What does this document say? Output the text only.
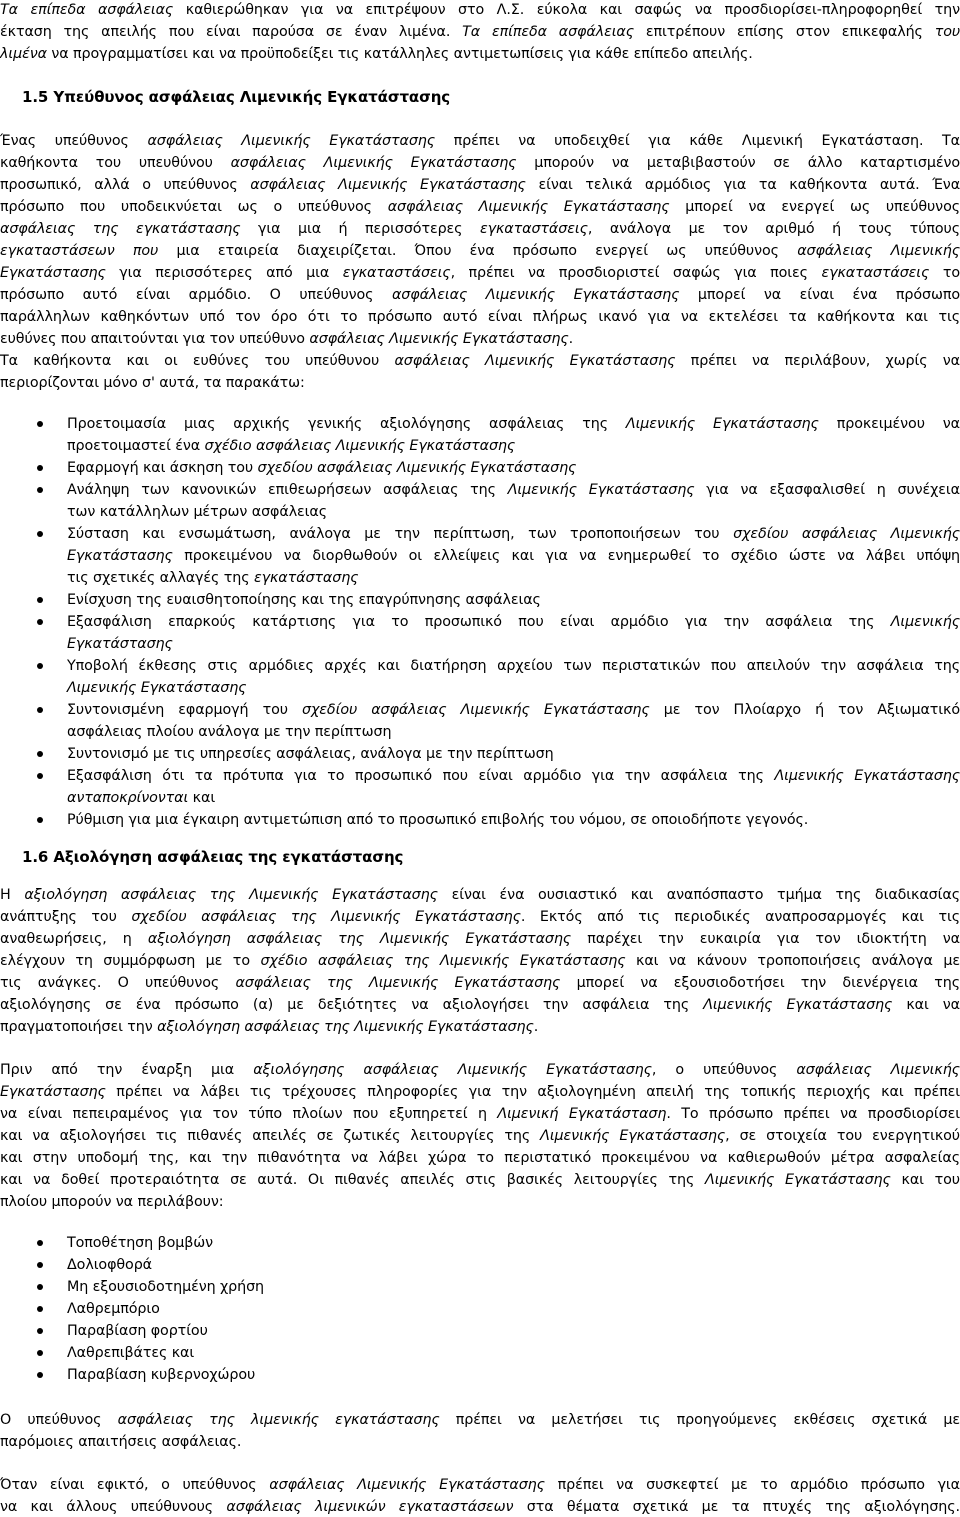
Τα επίπεδα ασφάλειας καθιερώθηκαν για να επιτρέψουν στο Λ.Σ. εύκολα και σαφώς να προσδιορίσει-πληροφορηθεί την
έκταση της απειλής που είναι παρούσα σε έναν λιμένα. Τα επίπεδα ασφάλειας επιτρέπουν επίσης στον επικεφαλής του
λιμένα να προγραμματίσει και να προϋποδείξει τις κατάλληλες αντιμετωπίσεις για κάθε επίπεδο απειλής.
1.5 Υπεύθυνος ασφάλειας Λιμενικής Εγκατάστασης
Ένας υπεύθυνος ασφάλειας Λιμενικής Εγκατάστασης πρέπει να υποδειχθεί για κάθε Λιμενική Εγκατάσταση. Τα
καθήκοντα του υπευθύνου ασφάλειας Λιμενικής Εγκατάστασης μπορούν να μεταβιβαστούν σε άλλο καταρτισμένο
προσωπικό, αλλά ο υπεύθυνος ασφάλειας Λιμενικής Εγκατάστασης είναι τελικά αρμόδιος για τα καθήκοντα αυτά. Ένα
πρόσωπο που υποδεικνύεται ως ο υπεύθυνος ασφάλειας Λιμενικής Εγκατάστασης μπορεί να ενεργεί ως υπεύθυνος
ασφάλειας της εγκατάστασης για μια ή περισσότερες εγκαταστάσεις, ανάλογα με τον αριθμό ή τους τύπους
εγκαταστάσεων που μια εταιρεία διαχειρίζεται. Όπου ένα πρόσωπο ενεργεί ως υπεύθυνος ασφάλειας Λιμενικής
Εγκατάστασης για περισσότερες από μια εγκαταστάσεις, πρέπει να προσδιοριστεί σαφώς για ποιες εγκαταστάσεις το
πρόσωπο αυτό είναι αρμόδιο. Ο υπεύθυνος ασφάλειας Λιμενικής Εγκατάστασης μπορεί να είναι ένα πρόσωπο
παράλληλων καθηκόντων υπό τον όρο ότι το πρόσωπο αυτό είναι πλήρως ικανό για να εκτελέσει τα καθήκοντα και τις
ευθύνες που απαιτούνται για τον υπεύθυνο ασφάλειας Λιμενικής Εγκατάστασης.
Τα καθήκοντα και οι ευθύνες του υπεύθυνου ασφάλειας Λιμενικής Εγκατάστασης πρέπει να περιλάβουν, χωρίς να
περιορίζονται μόνο σ' αυτά, τα παρακάτω:
Προετοιμασία μιας αρχικής γενικής αξιολόγησης ασφάλειας της Λιμενικής Εγκατάστασης προκειμένου να
προετοιμαστεί ένα σχέδιο ασφάλειας Λιμενικής Εγκατάστασης
Εφαρμογή και άσκηση του σχεδίου ασφάλειας Λιμενικής Εγκατάστασης
Ανάληψη των κανονικών επιθεωρήσεων ασφάλειας της Λιμενικής Εγκατάστασης για να εξασφαλισθεί η συνέχεια
των κατάλληλων μέτρων ασφάλειας
Σύσταση και ενσωμάτωση, ανάλογα με την περίπτωση, των τροποποιήσεων του σχεδίου ασφάλειας Λιμενικής
Εγκατάστασης προκειμένου να διορθωθούν οι ελλείψεις και για να ενημερωθεί το σχέδιο ώστε να λάβει υπόψη
τις σχετικές αλλαγές της εγκατάστασης
Ενίσχυση της ευαισθητοποίησης και της επαγρύπνησης ασφάλειας
Εξασφάλιση επαρκούς κατάρτισης για το προσωπικό που είναι αρμόδιο για την ασφάλεια της Λιμενικής
Εγκατάστασης
Υποβολή έκθεσης στις αρμόδιες αρχές και διατήρηση αρχείου των περιστατικών που απειλούν την ασφάλεια της
Λιμενικής Εγκατάστασης
Συντονισμένη εφαρμογή του σχεδίου ασφάλειας Λιμενικής Εγκατάστασης με τον Πλοίαρχο ή τον Αξιωματικό
ασφάλειας πλοίου ανάλογα με την περίπτωση
Συντονισμό με τις υπηρεσίες ασφάλειας, ανάλογα με την περίπτωση
Εξασφάλιση ότι τα πρότυπα για το προσωπικό που είναι αρμόδιο για την ασφάλεια της Λιμενικής Εγκατάστασης
ανταποκρίνονται και
Ρύθμιση για μια έγκαιρη αντιμετώπιση από το προσωπικό επιβολής του νόμου, σε οποιοδήποτε γεγονός.
1.6 Αξιολόγηση ασφάλειας της εγκατάστασης
Η αξιολόγηση ασφάλειας της Λιμενικής Εγκατάστασης είναι ένα ουσιαστικό και αναπόσπαστο τμήμα της διαδικασίας
ανάπτυξης του σχεδίου ασφάλειας της Λιμενικής Εγκατάστασης. Εκτός από τις περιοδικές αναπροσαρμογές και τις
αναθεωρήσεις, η αξιολόγηση ασφάλειας της Λιμενικής Εγκατάστασης παρέχει την ευκαιρία για τον ιδιοκτήτη να
ελέγχουν τη συμμόρφωση με το σχέδιο ασφάλειας της Λιμενικής Εγκατάστασης και να κάνουν τροποποιήσεις ανάλογα με
τις ανάγκες. Ο υπεύθυνος ασφάλειας της Λιμενικής Εγκατάστασης μπορεί να εξουσιοδοτήσει την διενέργεια της
αξιολόγησης σε ένα πρόσωπο (α) με δεξιότητες να αξιολογήσει την ασφάλεια της Λιμενικής Εγκατάστασης και να
πραγματοποιήσει την αξιολόγηση ασφάλειας της Λιμενικής Εγκατάστασης.
Πριν από την έναρξη μια αξιολόγησης ασφάλειας Λιμενικής Εγκατάστασης, ο υπεύθυνος ασφάλειας Λιμενικής
Εγκατάστασης πρέπει να λάβει τις τρέχουσες πληροφορίες για την αξιολογημένη απειλή της τοπικής περιοχής και πρέπει
να είναι πεπειραμένος για τον τύπο πλοίων που εξυπηρετεί η Λιμενική Εγκατάσταση. Το πρόσωπο πρέπει να προσδιορίσει
και να αξιολογήσει τις πιθανές απειλές σε ζωτικές λειτουργίες της Λιμενικής Εγκατάστασης, σε στοιχεία του ενεργητικού
και στην υποδομή της, και την πιθανότητα να λάβει χώρα το περιστατικό προκειμένου να καθιερωθούν μέτρα ασφαλείας
και να δοθεί προτεραιότητα σε αυτά. Οι πιθανές απειλές στις βασικές λειτουργίες της Λιμενικής Εγκατάστασης και του
πλοίου μπορούν να περιλάβουν:
Τοποθέτηση βομβών
Δολιοφθορά
Μη εξουσιοδοτημένη χρήση
Λαθρεμπόριο
Παραβίαση φορτίου
Λαθρεπιβάτες και
Παραβίαση κυβερνοχώρου
Ο υπεύθυνος ασφάλειας της λιμενικής εγκατάστασης πρέπει να μελετήσει τις προηγούμενες εκθέσεις σχετικά με
παρόμοιες απαιτήσεις ασφάλειας.
Όταν είναι εφικτό, ο υπεύθυνος ασφάλειας Λιμενικής Εγκατάστασης πρέπει να συσκεφτεί με το αρμόδιο πρόσωπο για
να και άλλους υπεύθυνους ασφάλειας λιμενικών εγκαταστάσεων στα θέματα σχετικά με τα πτυχές της αξιολόγησης.
